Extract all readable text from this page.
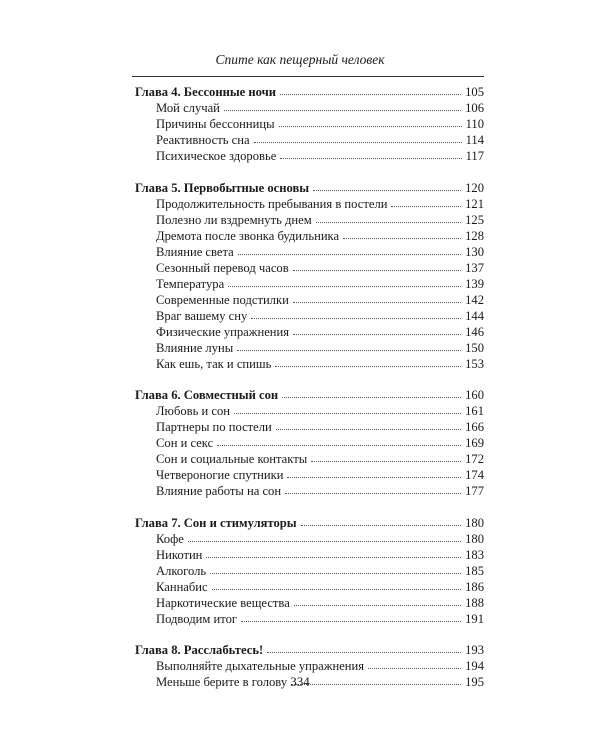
Спите как пещерный человек
Глава 4. Бессонные ночи	105
Мой случай	106
Причины бессонницы	110
Реактивность сна	114
Психическое здоровье	117
Глава 5. Первобытные основы	120
Продолжительность пребывания в постели	121
Полезно ли вздремнуть днем	125
Дремота после звонка будильника	128
Влияние света	130
Сезонный перевод часов	137
Температура	139
Современные подстилки	142
Враг вашему сну	144
Физические упражнения	146
Влияние луны	150
Как ешь, так и спишь	153
Глава 6. Совместный сон	160
Любовь и сон	161
Партнеры по постели	166
Сон и секс	169
Сон и социальные контакты	172
Четвероногие спутники	174
Влияние работы на сон	177
Глава 7. Сон и стимуляторы	180
Кофе	180
Никотин	183
Алкоголь	185
Каннабис	186
Наркотические вещества	188
Подводим итог	191
Глава 8. Расслабьтесь!	193
Выполняйте дыхательные упражнения	194
Меньше берите в голову	195
334
